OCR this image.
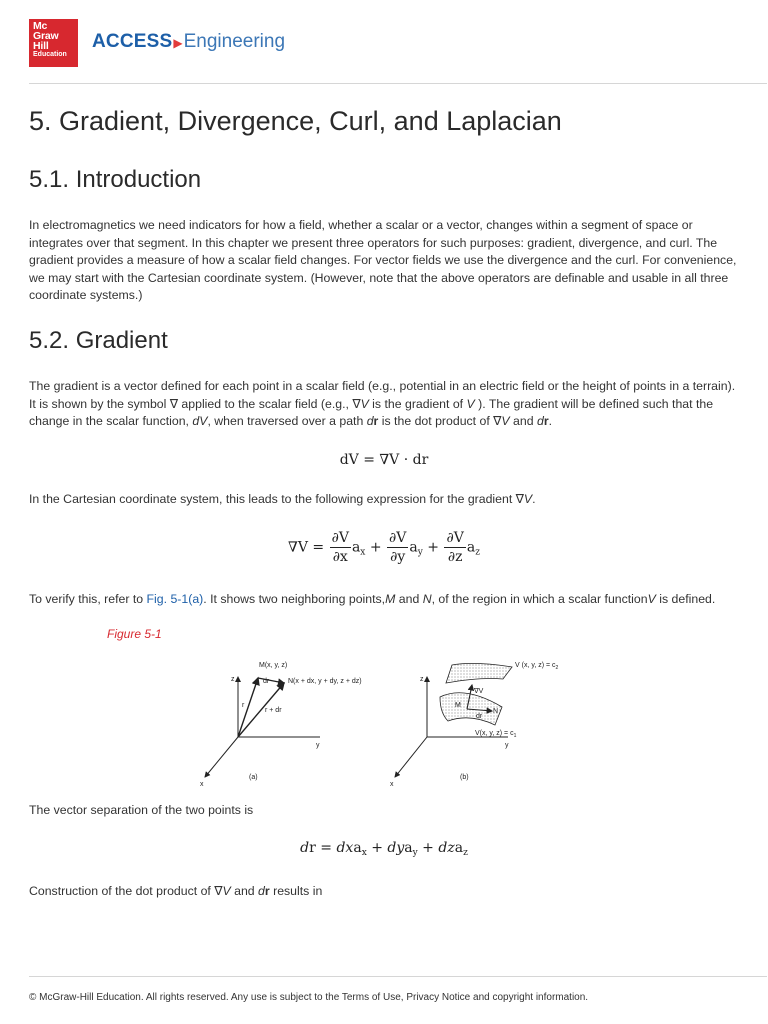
Mc
Graw
Hill
Education
ACCESS▶Engineering
5. Gradient, Divergence, Curl, and Laplacian
5.1. Introduction

In electromagnetics we need indicators for how a field, whether a scalar or a vector, changes within a segment of space or integrates over that segment. In this chapter we present three operators for such purposes: gradient, divergence, and curl. The gradient provides a measure of how a scalar field changes. For vector fields we use the divergence and the curl. For convenience, we may start with the Cartesian coordinate system. (However, note that the above operators are definable and usable in all three coordinate systems.)

5.2. Gradient

The gradient is a vector defined for each point in a scalar field (e.g., potential in an electric field or the height of points in a terrain). It is shown by the symbol ∇ applied to the scalar field (e.g., ∇V is the gradient of V ). The gradient will be defined such that the change in the scalar function, dV, when traversed over a path dr is the dot product of ∇V and dr.

dV = ∇V · dr

In the Cartesian coordinate system, this leads to the following expression for the gradient ∇V.

$\nabla V = \frac{\partial V}{\partial x} a_x + \frac{\partial V}{\partial y} a_y + \frac{\partial V}{\partial z} a_z$

To verify this, refer to Fig. 5-1(a). It shows two neighboring points,M and N, of the region in which a scalar functionV is defined.

Figure 5-1
M(x, y, z)
dr	N(x + dx, y + dy, z + dz)
r
r + dr
z
y
x
(a)
V (x, y, $z) = c_2$
∇V
M
N
dr
V(x, y, $z) = c_1$
z
y
x
(b)

The vector separation of the two points is

dr = dxa$_x$ + dya$_y$ + dza$_z$

Construction of the dot product of ∇V and dr results in

© McGraw-Hill Education. All rights reserved. Any use is subject to the Terms of Use, Privacy Notice and copyright information.
